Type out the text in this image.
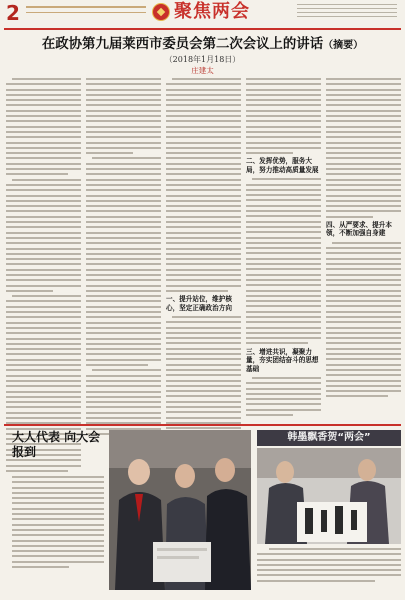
2	聚焦两会
在政协第九届莱西市委员会第二次会议上的讲话（摘要）
（2018年1月18日）
庄建太
一、提升站位，维护核心，坚定正确政治方向
二、发挥优势，服务大局，努力推动高质量发展
三、增进共识，凝聚力量，夯实团结奋斗的思想基础
四、从严要求、提升本领，不断加强自身建
大人代表 向大会报到
韩墨飘香贺“两会”
